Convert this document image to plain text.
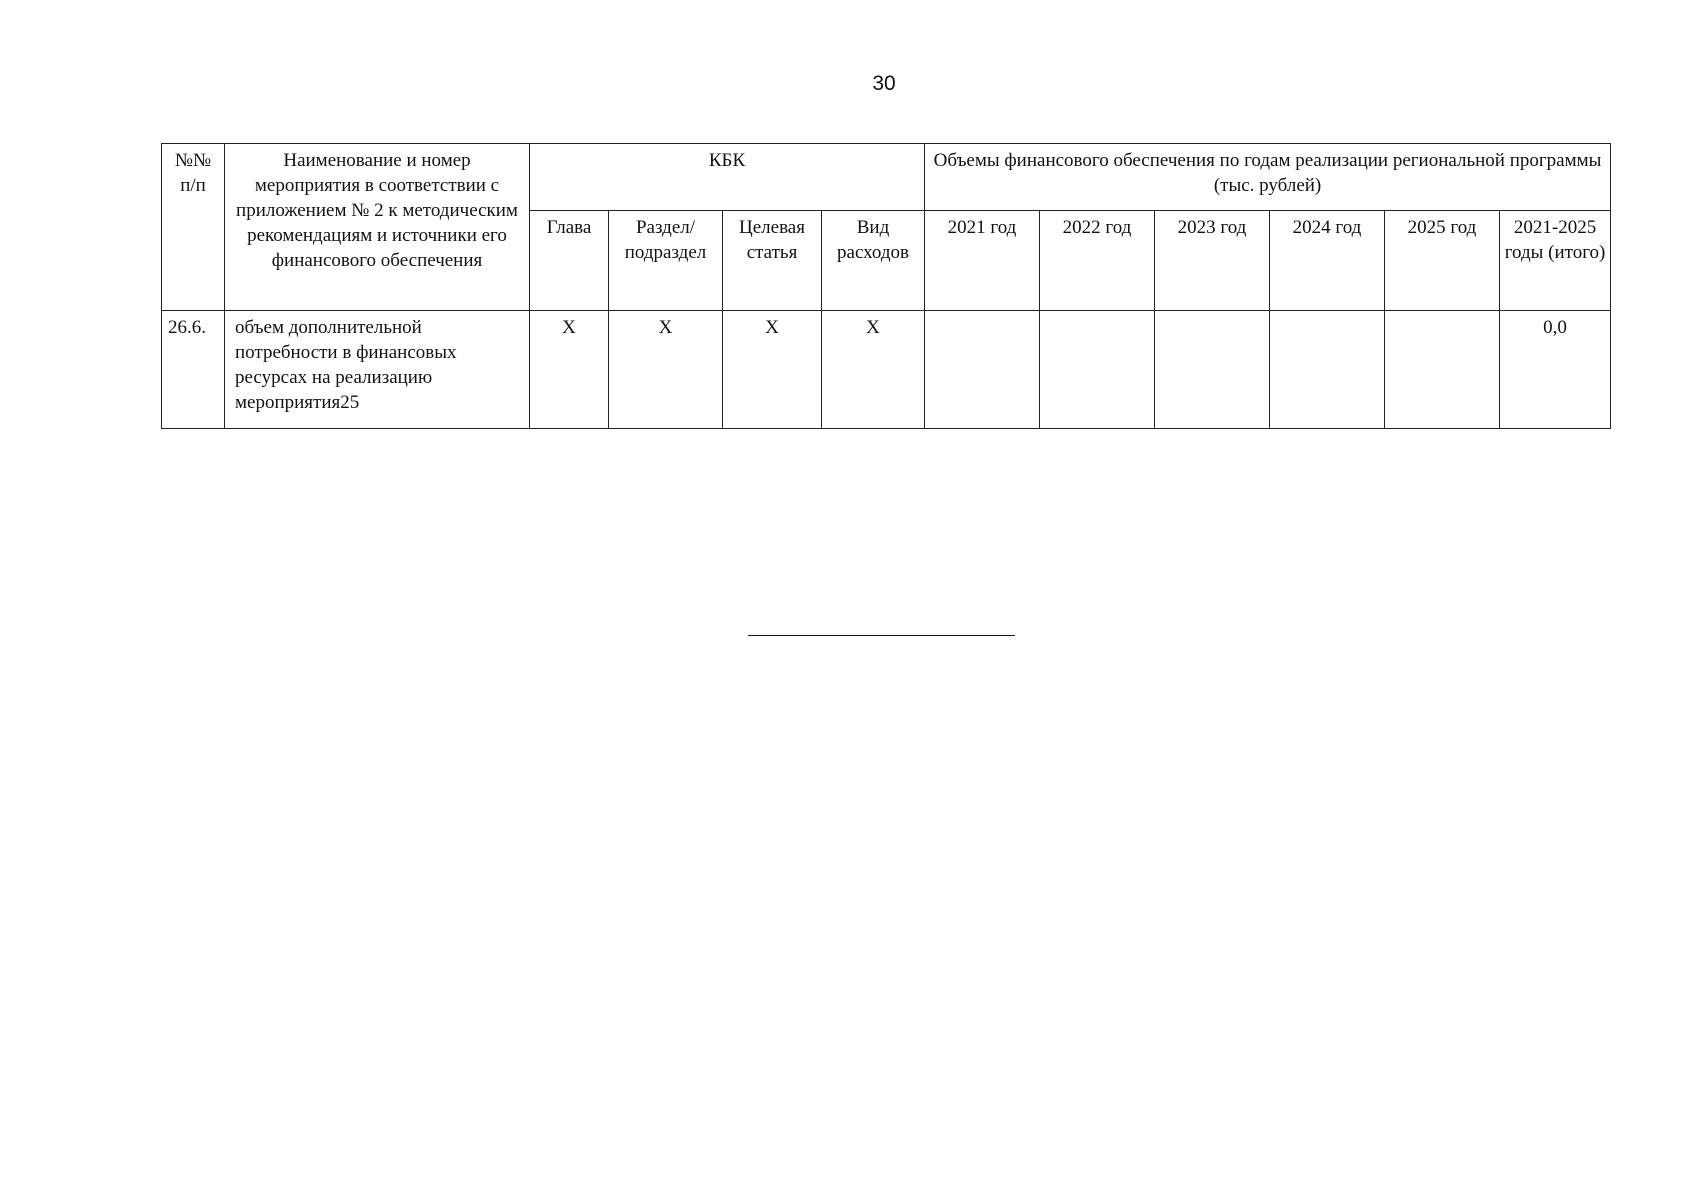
30
№№ п/п	Наименование и номер мероприятия в соответствии с приложением № 2 к методическим рекомендациям и источники его финансового обеспечения	КБК				Объемы финансового обеспечения по годам реализации региональной программы (тыс. рублей)					
		Глава	Раздел/ подраздел	Целевая статья	Вид расходов	2021 год	2022 год	2023 год	2024 год	2025 год	2021-2025 годы (итого)
26.6.	объем дополнительной потребности в финансовых ресурсах на реализацию мероприятия25	Х	Х	Х	Х						0,0
